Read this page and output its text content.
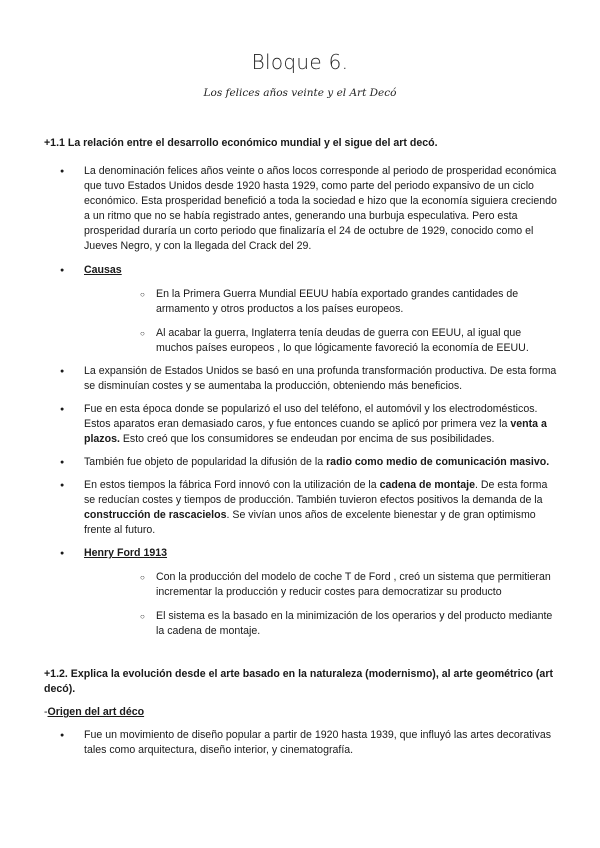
Bloque 6.
Los felices años veinte y el Art Decó

+1.1 La relación entre el desarrollo económico mundial y el sigue del art decó.

● La denominación felices años veinte o años locos corresponde al periodo de prosperidad económica que tuvo Estados Unidos desde 1920 hasta 1929, como parte del periodo expansivo de un ciclo económico. Esta prosperidad benefició a toda la sociedad e hizo que la economía siguiera creciendo a un ritmo que no se había registrado antes, generando una burbuja especulativa. Pero esta prosperidad duraría un corto periodo que finalizaría el 24 de octubre de 1929, conocido como el Jueves Negro, y con la llegada del Crack del 29.
● Causas
○ En la Primera Guerra Mundial EEUU había exportado grandes cantidades de armamento y otros productos a los países europeos.
○ Al acabar la guerra, Inglaterra tenía deudas de guerra con EEUU, al igual que muchos países europeos , lo que lógicamente favoreció la economía de EEUU.
● La expansión de Estados Unidos se basó en una profunda transformación productiva. De esta forma se disminuían costes y se aumentaba la producción, obteniendo más beneficios.
● Fue en esta época donde se popularizó el uso del teléfono, el automóvil y los electrodomésticos. Estos aparatos eran demasiado caros, y fue entonces cuando se aplicó por primera vez la venta a plazos. Esto creó que los consumidores se endeudan por encima de sus posibilidades.
● También fue objeto de popularidad la difusión de la radio como medio de comunicación masivo.
● En estos tiempos la fábrica Ford innovó con la utilización de la cadena de montaje. De esta forma se reducían costes y tiempos de producción. También tuvieron efectos positivos la demanda de la construcción de rascacielos. Se vivían unos años de excelente bienestar y de gran optimismo frente al futuro.
● Henry Ford 1913
○ Con la producción del modelo de coche T de Ford , creó un sistema que permitieran incrementar la producción y reducir costes para democratizar su producto
○ El sistema es la basado en la minimización de los operarios y del producto mediante la cadena de montaje.

+1.2. Explica la evolución desde el arte basado en la naturaleza (modernismo), al arte geométrico (art decó).

-Origen del art déco

● Fue un movimiento de diseño popular a partir de 1920 hasta 1939, que influyó las artes decorativas tales como arquitectura, diseño interior, y cinematografía.
